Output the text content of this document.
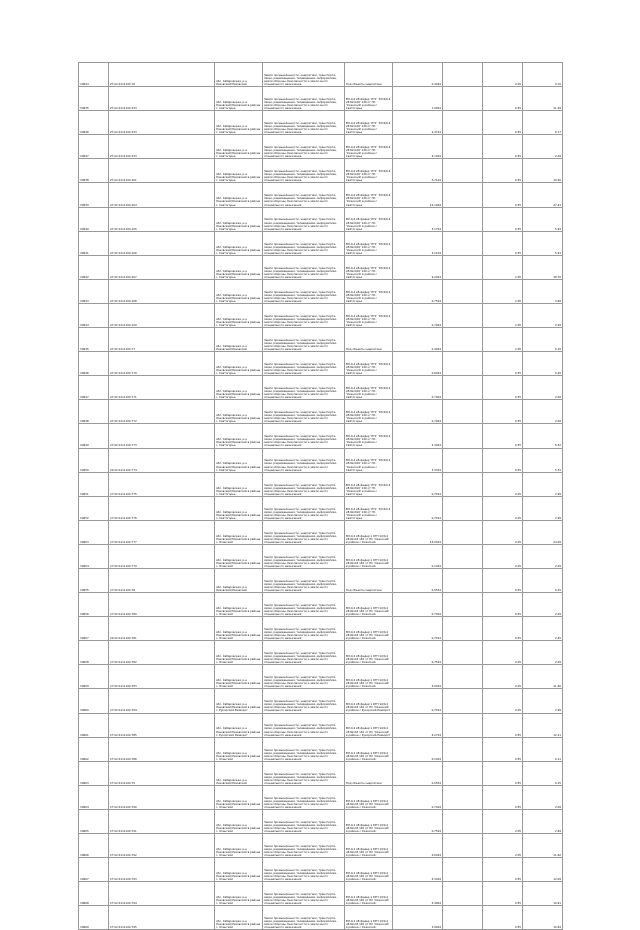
V0634	27:02:0111104:70	обл. Хабаровская, р-н Лазовский/Лазовский	Земли промышленности, энергетики, транспорта, связи, радиовещания, телевидения, информатики, земли обороны, безопасности и земли иного специального назначения	Под объекты энергетики	0,4024		2,05	0,70
V0635	27:02:0111104:333	обл. Хабаровская, р-н Лазовский/Лазовский в районе с. Святогорье	Земли промышленности, энергетики, транспорта, связи, радиовещания, телевидения, информатики, земли обороны, безопасности и земли иного специального назначения	ВЛ-0,4 кВ фидер 'ЛТ1' 'КЭ 6/0,4 кВ №1416' 140 от ПС 'Оханский' в районе с Святогорье	7,0904		0,55	11,59
V0636	27:02:0111104:333	обл. Хабаровская, р-н Лазовский/Лазовский в районе с. Святогорье	Земли промышленности, энергетики, транспорта, связи, радиовещания, телевидения, информатики, земли обороны, безопасности и земли иного специального назначения	ВЛ-0,4 кВ фидер 'ЛТ1' 'КЭ 6/0,4 кВ №1416' 140 от ПС 'Оханский' в районе с Святогорье	2,3724		0,55	6,77
V0637	27:02:0111104:333	обл. Хабаровская, р-н Лазовский/Лазовский в районе с. Святогорье	Земли промышленности, энергетики, транспорта, связи, радиовещания, телевидения, информатики, земли обороны, безопасности и земли иного специального назначения	ВЛ-0,4 кВ фидер 'ЛТ1' 'КЭ 6/0,4 кВ №1416' 140 от ПС 'Оханский' в районе с Святогорье	4,1004		0,55	2,09
V0638	27:02:0111104:101	обл. Хабаровская, р-н Лазовский/Лазовский в районе с. Святогорье	Земли промышленности, энергетики, транспорта, связи, радиовещания, телевидения, информатики, земли обороны, безопасности и земли иного специального назначения	ВЛ-0,4 кВ фидер 'ЛТ1' 'КЭ 6/0,4 кВ №1416' 140 от ПС 'Оханский' в районе с Святогорье	5,7104		0,55	10,50
V0639	27:02:0111104:104	обл. Хабаровская, р-н Лазовский/Лазовский в районе с. Святогорье	Земли промышленности, энергетики, транспорта, связи, радиовещания, телевидения, информатики, земли обороны, безопасности и земли иного специального назначения	ВЛ-0,4 кВ фидер 'ЛТ1' 'КЭ 6/0,4 кВ №1416' 140 от ПС 'Оханский' в районе с Святогорье	15,1004		0,55	27,91
V0640	27:02:0111104:105	обл. Хабаровская, р-н Лазовский/Лазовский в районе с. Святогорье	Земли промышленности, энергетики, транспорта, связи, радиовещания, телевидения, информатики, земли обороны, безопасности и земли иного специального назначения	ВЛ-0,4 кВ фидер 'ЛТ1' 'КЭ 6/0,4 кВ №1416' 140 от ПС 'Оханский' в районе с Святогорье	3,1704		0,55	5,94
V0641	27:02:0111104:106	обл. Хабаровская, р-н Лазовский/Лазовский в районе с. Святогорье	Земли промышленности, энергетики, транспорта, связи, радиовещания, телевидения, информатики, земли обороны, безопасности и земли иного специального назначения	ВЛ-0,4 кВ фидер 'ЛТ1' 'КЭ 6/0,4 кВ №1416' 140 от ПС 'Оханский' в районе с Святогорье	3,1104		0,55	5,91
V0642	27:02:0111104:107	обл. Хабаровская, р-н Лазовский/Лазовский в районе с. Святогорье	Земли промышленности, энергетики, транспорта, связи, радиовещания, телевидения, информатики, земли обороны, безопасности и земли иного специального назначения	ВЛ-0,4 кВ фидер 'ЛТ1' 'КЭ 6/0,4 кВ №1416' 140 от ПС 'Оханский' в районе с Святогорье	9,2024		2,05	36,70
V0643	27:02:0111104:108	обл. Хабаровская, р-н Лазовский/Лазовский в районе с. Святогорье	Земли промышленности, энергетики, транспорта, связи, радиовещания, телевидения, информатики, земли обороны, безопасности и земли иного специального назначения	ВЛ-0,4 кВ фидер 'ЛТ1' 'КЭ 6/0,4 кВ №1416' 140 от ПС 'Оханский' в районе с Святогорье	0,7524		2,05	3,69
V0644	27:02:0111104:109	обл. Хабаровская, р-н Лазовский/Лазовский в районе с. Святогорье	Земли промышленности, энергетики, транспорта, связи, радиовещания, телевидения, информатики, земли обороны, безопасности и земли иного специального назначения	ВЛ-0,4 кВ фидер 'ЛТ1' 'КЭ 6/0,4 кВ №1416' 140 от ПС 'Оханский' в районе с Святогорье	0,7024		2,05	2,99
V0645	27:02:0111104:77	обл. Хабаровская, р-н Лазовский/Лазовский	Земли промышленности, энергетики, транспорта, связи, радиовещания, телевидения, информатики, земли обороны, безопасности и земли иного специального назначения	Под объекты энергетики	0,4024		2,05	0,15
V0646	27:02:0111104:770	обл. Хабаровская, р-н Лазовский/Лазовский в районе с. Святогорье	Земли промышленности, энергетики, транспорта, связи, радиовещания, телевидения, информатики, земли обороны, безопасности и земли иного специального назначения	ВЛ-0,4 кВ фидер 'ЛТ1' 'КЭ 6/0,4 кВ №1416' 140 от ПС 'Оханский' в районе с Святогорье	0,6024		0,55	0,25
V0647	27:02:0111104:771	обл. Хабаровская, р-н Лазовский/Лазовский в районе с. Святогорье	Земли промышленности, энергетики, транспорта, связи, радиовещания, телевидения, информатики, земли обороны, безопасности и земли иного специального назначения	ВЛ-0,4 кВ фидер 'ЛТ1' 'КЭ 6/0,4 кВ №1416' 140 от ПС 'Оханский' в районе с Святогорье	0,7404		0,55	2,09
V0648	27:02:0111104:772	обл. Хабаровская, р-н Лазовский/Лазовский в районе с. Святогорье	Земли промышленности, энергетики, транспорта, связи, радиовещания, телевидения, информатики, земли обороны, безопасности и земли иного специального назначения	ВЛ-0,4 кВ фидер 'ЛТ1' 'КЭ 6/0,4 кВ №1416' 140 от ПС 'Оханский' в районе с Святогорье	0,7024		0,55	2,09
V0649	27:02:0111104:773	обл. Хабаровская, р-н Лазовский/Лазовский в районе с. Святогорье	Земли промышленности, энергетики, транспорта, связи, радиовещания, телевидения, информатики, земли обороны, безопасности и земли иного специального назначения	ВЛ-0,4 кВ фидер 'ЛТ1' 'КЭ 6/0,4 кВ №1416' 140 от ПС 'Оханский' в районе с Святогорье	2,3424		0,55	5,52
V0650	22:02:0111104:774	обл. Хабаровская, р-н Лазовский/Лазовский в районе с. Святогорье	Земли промышленности, энергетики, транспорта, связи, радиовещания, телевидения, информатики, земли обороны, безопасности и земли иного специального назначения	ВЛ-0,4 кВ фидер 'ЛТ1' 'КЭ 6/0,4 кВ №1416' 140 от ПС 'Оханский' в районе с Святогорье	3,3324		0,55	5,31
V0651	27:02:0111104:775	обл. Хабаровская, р-н Лазовский/Лазовский в районе с. Святогорье	Земли промышленности, энергетики, транспорта, связи, радиовещания, телевидения, информатики, земли обороны, безопасности и земли иного специального назначения	ВЛ-0,4 кВ фидер 'ЛТ1' 'КЭ 6/0,4 кВ №1416' 140 от ПС 'Оханский' в районе с Святогорье	0,7024		2,05	2,99
V0652	27:02:0111104:776	обл. Хабаровская, р-н Лазовский/Лазовский в районе с. Святогорье	Земли промышленности, энергетики, транспорта, связи, радиовещания, телевидения, информатики, земли обороны, безопасности и земли иного специального назначения	ВЛ-0,4 кВ фидер 'ЛТ1' 'КЭ 6/0,4 кВ №1416' 140 от ПС 'Оханский' в районе с Святогорье	0,7024		2,05	2,99
V0653	27:02:0111104:777	обл. Хабаровская, р-н Лазовский/Лазовский в районе с. Оханский	Земли промышленности, энергетики, транспорта, связи, радиовещания, телевидения, информатики, земли обороны, безопасности и земли иного специального назначения	ВЛ-0,4 кВ фидер 1 КТП 10/0,4 кВ №143 140 от ПС 'Оханский' в районе с Оханский	16,2024		2,05	24,09
V0654	27:02:0111104:779	обл. Хабаровская, р-н Лазовский/Лазовский в районе с. Оханский	Земли промышленности, энергетики, транспорта, связи, радиовещания, телевидения, информатики, земли обороны, безопасности и земли иного специального назначения	ВЛ-0,4 кВ фидер 1 КТП 10/0,4 кВ №143 140 от ПС 'Оханский' в районе с Оханский	0,1024		2,05	2,09
V0655	27:02:0111104:78	обл. Хабаровская, р-н Лазовский/Лазовский	Земли промышленности, энергетики, транспорта, связи, радиовещания, телевидения, информатики, земли обороны, безопасности и земли иного специального назначения	Под объекты энергетики	0,0554		0,55	0,15
V0656	27:02:0111104:780	обл. Хабаровская, р-н Лазовский/Лазовский в районе с. Оханский	Земли промышленности, энергетики, транспорта, связи, радиовещания, телевидения, информатики, земли обороны, безопасности и земли иного специального назначения	ВЛ-0,4 кВ фидер 1 КТП 10/0,4 кВ №143 140 от ПС 'Оханский' в районе с Оханский	0,7404		0,55	2,09
V0657	22:02:0111104:781	обл. Хабаровская, р-н Лазовский/Лазовский в районе с. Оханский	Земли промышленности, энергетики, транспорта, связи, радиовещания, телевидения, информатики, земли обороны, безопасности и земли иного специального назначения	ВЛ-0,4 кВ фидер 1 КТП 10/0,4 кВ №143 140 от ПС 'Оханский' в районе с Оханский	0,7024		0,55	2,45
V0658	27:02:0111104:782	обл. Хабаровская, р-н Лазовский/Лазовский в районе с. Оханский	Земли промышленности, энергетики, транспорта, связи, радиовещания, телевидения, информатики, земли обороны, безопасности и земли иного специального назначения	ВЛ-0,4 кВ фидер 1 КТП 10/0,4 кВ №143 140 от ПС 'Оханский' в районе с Оханский	0,7524		2,05	2,09
V0659	27:02:0111104:783	обл. Хабаровская, р-н Лазовский/Лазовский в районе с. Оханский	Земли промышленности, энергетики, транспорта, связи, радиовещания, телевидения, информатики, земли обороны, безопасности и земли иного специального назначения	ВЛ-0,4 кВ фидер 1 КТП 10/0,4 кВ №143 140 от ПС 'Оханский' в районе с Оханский	4,0024		2,05	11,40
V0660	27:02:0111104:784	обл. Хабаровская, р-н Лазовский/Лазовский в районе с. Рукорский Разворот	Земли промышленности, энергетики, транспорта, связи, радиовещания, телевидения, информатики, земли обороны, безопасности и земли иного специального назначения	ВЛ-0,4 кВ фидер 1 КТП 10/0,4 кВ №143 140 от ПС 'Оханский' в районе с Рукорский Разворот	0,7024		2,05	2,99
V0661	27:02:0111104:785	обл. Хабаровская, р-н Лазовский/Лазовский в районе с. Рукорский Разворот	Земли промышленности, энергетики, транспорта, связи, радиовещания, телевидения, информатики, земли обороны, безопасности и земли иного специального назначения	ВЛ-0,4 кВ фидер 1 КТП 10/0,4 кВ №143 140 от ПС 'Оханский' в районе с Рукорский Разворот	4,2724		0,55	12,11
V0662	27:02:0111104:786	обл. Хабаровская, р-н Лазовский/Лазовский в районе с. Оханский	Земли промышленности, энергетики, транспорта, связи, радиовещания, телевидения, информатики, земли обороны, безопасности и земли иного специального назначения	ВЛ-0,4 кВ фидер 1 КТП 10/0,4 кВ №143 140 от ПС 'Оханский' в районе с Оханский	0,1024		0,55	0,11
V0663	27:02:0111104:79	обл. Хабаровская, р-н Лазовский/Лазовский	Земли промышленности, энергетики, транспорта, связи, радиовещания, телевидения, информатики, земли обороны, безопасности и земли иного специального назначения	Под объекты энергетики	0,0554		0,55	0,15
V0664	27:02:0111104:790	обл. Хабаровская, р-н Лазовский/Лазовский в районе с. Оханский	Земли промышленности, энергетики, транспорта, связи, радиовещания, телевидения, информатики, земли обороны, безопасности и земли иного специального назначения	ВЛ-0,4 кВ фидер 1 КТП 10/0,4 кВ №143 140 от ПС 'Оханский' в районе с Оханский	0,7404		0,55	2,09
V0665	27:02:0111104:791	обл. Хабаровская, р-н Лазовский/Лазовский в районе с. Оханский	Земли промышленности, энергетики, транспорта, связи, радиовещания, телевидения, информатики, земли обороны, безопасности и земли иного специального назначения	ВЛ-0,4 кВ фидер 1 КТП 10/0,4 кВ №143 140 от ПС 'Оханский' в районе с Оханский	0,7524		2,05	2,49
V0666	27:02:0111104:792	обл. Хабаровская, р-н Лазовский/Лазовский в районе с. Оханский	Земли промышленности, энергетики, транспорта, связи, радиовещания, телевидения, информатики, земли обороны, безопасности и земли иного специального назначения	ВЛ-0,4 кВ фидер 1 КТП 10/0,4 кВ №143 140 от ПС 'Оханский' в районе с Оханский	4,0024		2,05	11,62
V0667	27:02:0111104:793	обл. Хабаровская, р-н Лазовский/Лазовский в районе с. Оханский	Земли промышленности, энергетики, транспорта, связи, радиовещания, телевидения, информатики, земли обороны, безопасности и земли иного специального назначения	ВЛ-0,4 кВ фидер 1 КТП 10/0,4 кВ №143 140 от ПС 'Оханский' в районе с Оханский	4,3404		0,55	12,09
V0668	27:02:0111104:794	обл. Хабаровская, р-н Лазовский/Лазовский в районе с. Оханский	Земли промышленности, энергетики, транспорта, связи, радиовещания, телевидения, информатики, земли обороны, безопасности и земли иного специального назначения	ВЛ-0,4 кВ фидер 1 КТП 10/0,4 кВ №143 140 от ПС 'Оханский' в районе с Оханский	5,4904		0,55	10,91
V0669	27:02:0111104:795	обл. Хабаровская, р-н Лазовский/Лазовский в районе с. Оханский	Земли промышленности, энергетики, транспорта, связи, радиовещания, телевидения, информатики, земли обороны, безопасности и земли иного специального назначения	ВЛ-0,4 кВ фидер 1 КТП 10/0,4 кВ №143 140 от ПС 'Оханский' в районе с Оханский	3,9024		0,55	10,64
